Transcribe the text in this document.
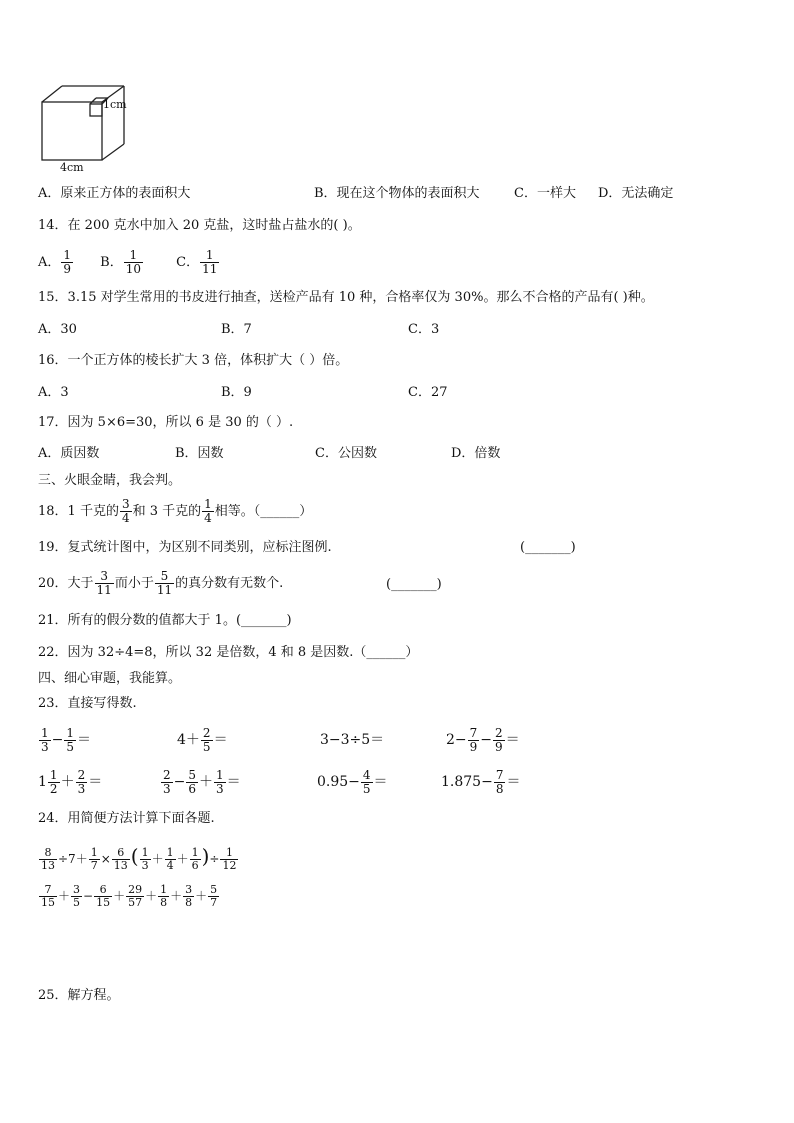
1cm
4cm
A．原来正方体的表面积大	B．现在这个物体的表面积大	C．一样大 D．无法确定
14．在 200 克水中加入 20 克盐，这时盐占盐水的( )。
A． $\frac{1}{9}$ B． $\frac{1}{10}$	C． $\frac{1}{11}$
15．3.15 对学生常用的书皮进行抽查，送检产品有 10 种，合格率仅为 30%。那么不合格的产品有( )种。
A．30	B．7	C．3
16．一个正方体的棱长扩大 3 倍，体积扩大（ ）倍。
A．3	B．9	C．27
17．因为 5×6=30，所以 6 是 30 的（ ）.
A．质因数	B．因数	C．公因数	D．倍数
三、火眼金睛，我会判。
18．1 千克的 $\frac{3}{4}$ 和 3 千克的 $\frac{1}{4}$ 相等。（______）
19．复式统计图中，为区别不同类别，应标注图例.	(_______)
20．大于 $\frac{3}{11}$ 而小于 $\frac{5}{11}$ 的真分数有无数个.	(_______)
21．所有的假分数的值都大于 1。(_______)
22．因为 32÷4=8，所以 32 是倍数，4 和 8 是因数.（______）
四、细心审题，我能算。
23．直接写得数.
$\frac{1}{3} - \frac{1}{5}$ ＝	$4+ \frac{2}{5}$ ＝	3−3÷5＝	$2- \frac{7}{9} - \frac{2}{9}$ ＝
$1 \frac{1}{2} + \frac{2}{3}$ ＝	$\frac{2}{3} - \frac{5}{6} + \frac{1}{3}$ ＝	$0.95- \frac{4}{5}$ ＝	$1.875- \frac{7}{8}$ ＝
24．用简便方法计算下面各题.
$\frac{8}{13} \div 7+ \frac{1}{7} \times \frac{6}{13}$ ( $\frac{1}{3} + \frac{1}{4} + \frac{1}{6}$ )÷ $\frac{1}{12}$
$\frac{7}{15} + \frac{3}{5} - \frac{6}{15} + \frac{29}{57} + \frac{1}{8} + \frac{3}{8} + \frac{5}{7}$
25．解方程。
